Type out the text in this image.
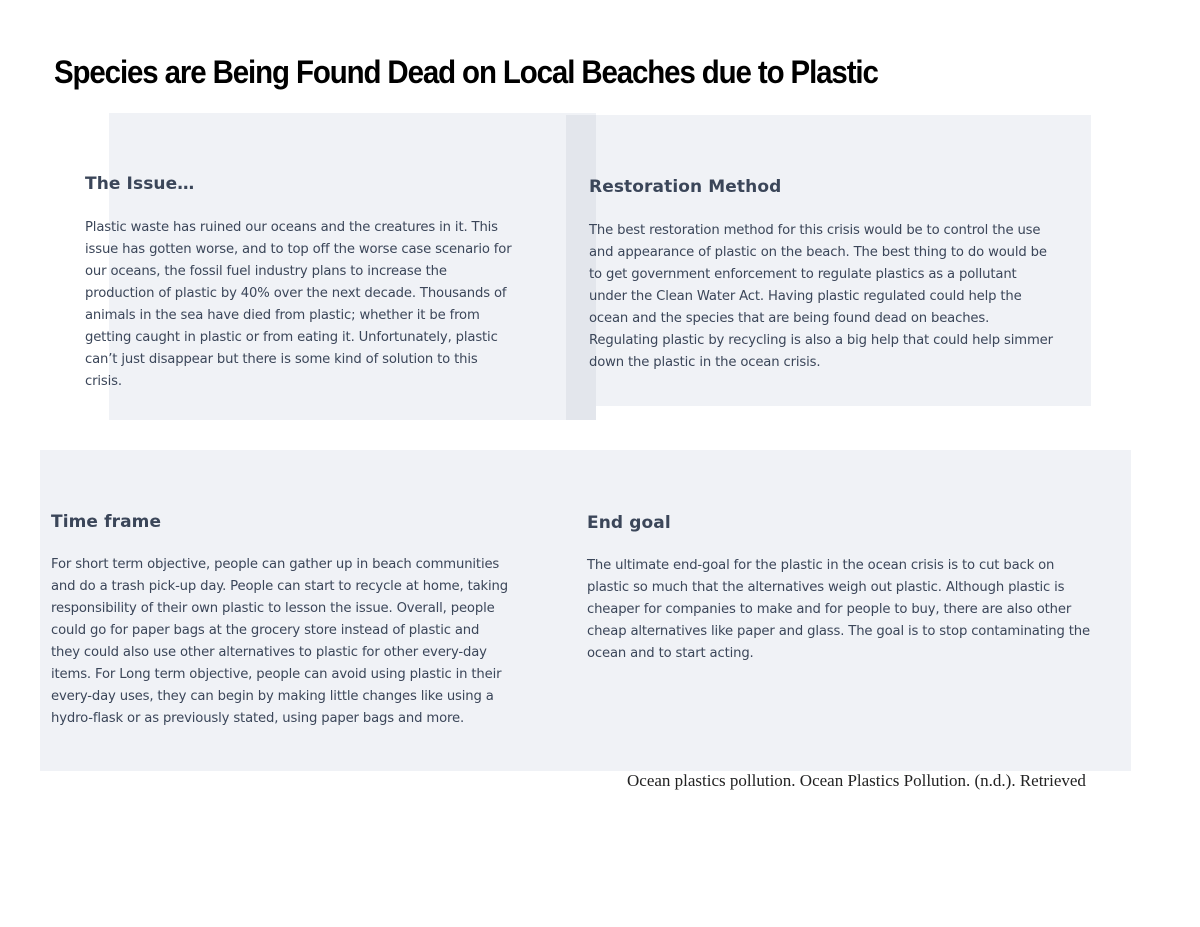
Species are Being Found Dead on Local Beaches due to Plastic
The Issue…
Plastic waste has ruined our oceans and the creatures in it. This
issue has gotten worse, and to top off the worse case scenario for
our oceans, the fossil fuel industry plans to increase the
production of plastic by 40% over the next decade. Thousands of
animals in the sea have died from plastic; whether it be from
getting caught in plastic or from eating it. Unfortunately, plastic
can’t just disappear but there is some kind of solution to this
crisis.
Restoration Method
The best restoration method for this crisis would be to control the use
and appearance of plastic on the beach. The best thing to do would be
to get government enforcement to regulate plastics as a pollutant
under the Clean Water Act. Having plastic regulated could help the
ocean and the species that are being found dead on beaches.
Regulating plastic by recycling is also a big help that could help simmer
down the plastic in the ocean crisis.
Time frame
For short term objective, people can gather up in beach communities
and do a trash pick-up day. People can start to recycle at home, taking
responsibility of their own plastic to lesson the issue. Overall, people
could go for paper bags at the grocery store instead of plastic and
they could also use other alternatives to plastic for other every-day
items. For Long term objective, people can avoid using plastic in their
every-day uses, they can begin by making little changes like using a
hydro-flask or as previously stated, using paper bags and more.
End goal
The ultimate end-goal for the plastic in the ocean crisis is to cut back on
plastic so much that the alternatives weigh out plastic. Although plastic is
cheaper for companies to make and for people to buy, there are also other
cheap alternatives like paper and glass. The goal is to stop contaminating the
ocean and to start acting.
Ocean plastics pollution. Ocean Plastics Pollution. (n.d.). Retrieved
